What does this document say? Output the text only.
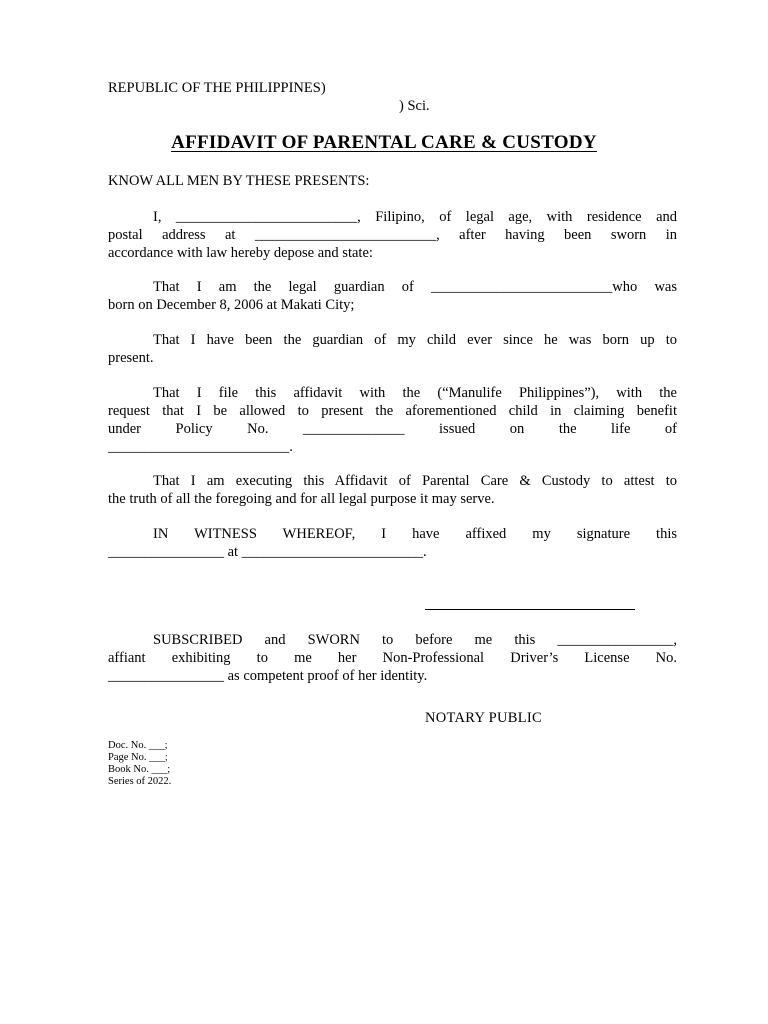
REPUBLIC OF THE PHILIPPINES)
) Sci.
AFFIDAVIT OF PARENTAL CARE & CUSTODY
KNOW ALL MEN BY THESE PRESENTS:
I, _________________________, Filipino, of legal age, with residence and
postal address at _________________________, after having been sworn in
accordance with law hereby depose and state:
That I am the legal guardian of _________________________who was
born on December 8, 2006 at Makati City;
That I have been the guardian of my child ever since he was born up to
present.
That I file this affidavit with the (“Manulife Philippines”), with the
request that I be allowed to present the aforementioned child in claiming benefit
under Policy No. ______________ issued on the life of
_________________________.
That I am executing this Affidavit of Parental Care & Custody to attest to
the truth of all the foregoing and for all legal purpose it may serve.
IN WITNESS WHEREOF, I have affixed my signature this
________________ at _________________________.
SUBSCRIBED and SWORN to before me this ________________,
affiant exhibiting to me her Non-Professional Driver’s License No.
________________ as competent proof of her identity.
NOTARY PUBLIC
Doc. No. ___;
Page No. ___;
Book No. ___;
Series of 2022.
